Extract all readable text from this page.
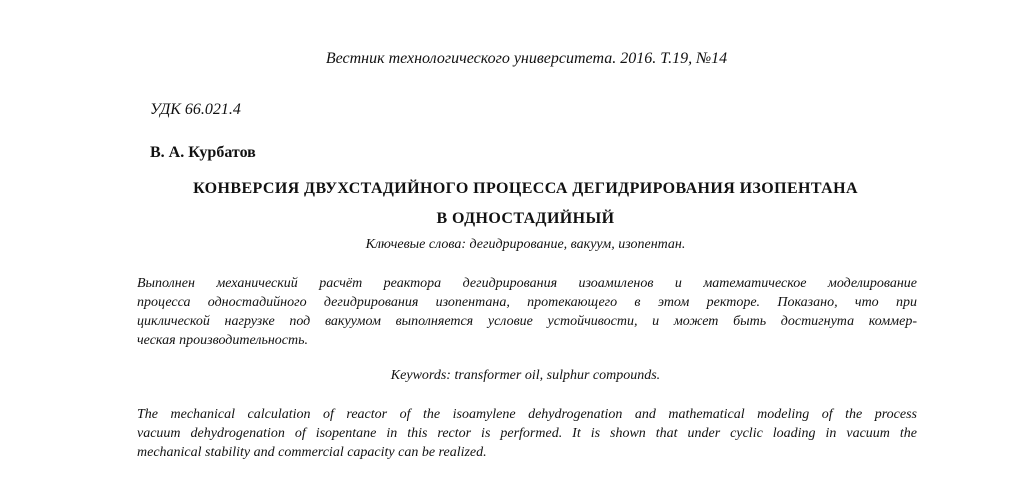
Вестник технологического университета. 2016. Т.19, №14
УДК 66.021.4
В. А. Курбатов
КОНВЕРСИЯ ДВУХСТАДИЙНОГО ПРОЦЕССА ДЕГИДРИРОВАНИЯ ИЗОПЕНТАНА
В ОДНОСТАДИЙНЫЙ
Ключевые слова: дегидрирование, вакуум, изопентан.
Выполнен механический расчёт реактора дегидрирования изоамиленов и математическое моделирование
процесса одностадийного дегидрирования изопентана, протекающего в этом ректоре. Показано, что при
циклической нагрузке под вакуумом выполняется условие устойчивости, и может быть достигнута коммер-
ческая производительность.
Keywords: transformer oil, sulphur compounds.
The mechanical calculation of reactor of the isoamylene dehydrogenation and mathematical modeling of the process
vacuum dehydrogenation of isopentane in this rector is performed. It is shown that under cyclic loading in vacuum the
mechanical stability and commercial capacity can be realized.
